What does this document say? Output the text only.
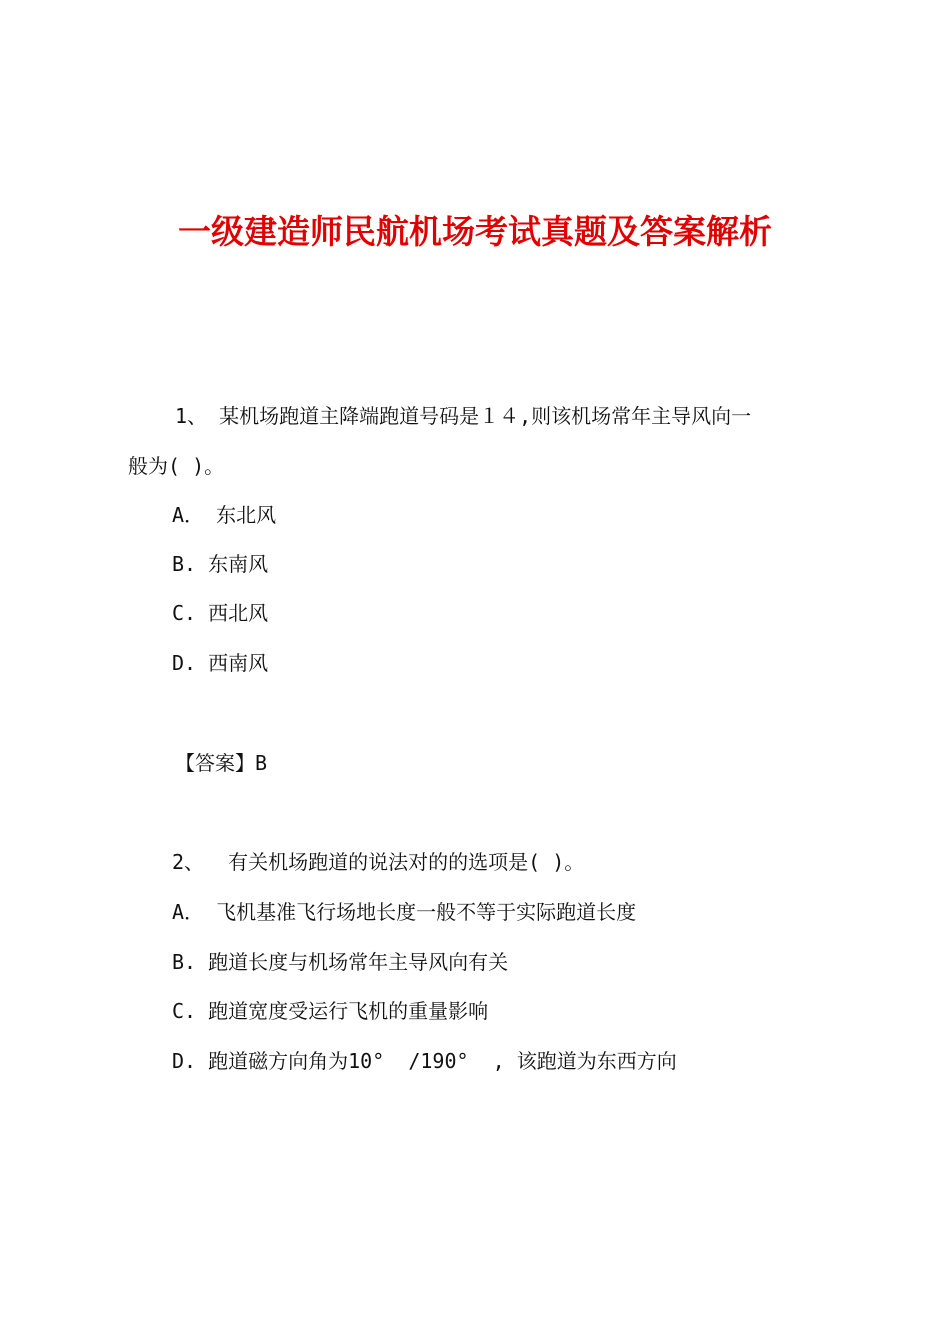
一级建造师民航机场考试真题及答案解析
1、 某机场跑道主降端跑道号码是１４,则该机场常年主导风向一
般为( )。
A． 东北风
B. 东南风
C. 西北风
D. 西南风
【答案】B
2、  有关机场跑道的说法对的的选项是( )。
A． 飞机基准飞行场地长度一般不等于实际跑道长度
B. 跑道长度与机场常年主导风向有关
C. 跑道宽度受运行飞机的重量影响
D. 跑道磁方向角为10°  /190°  , 该跑道为东西方向
